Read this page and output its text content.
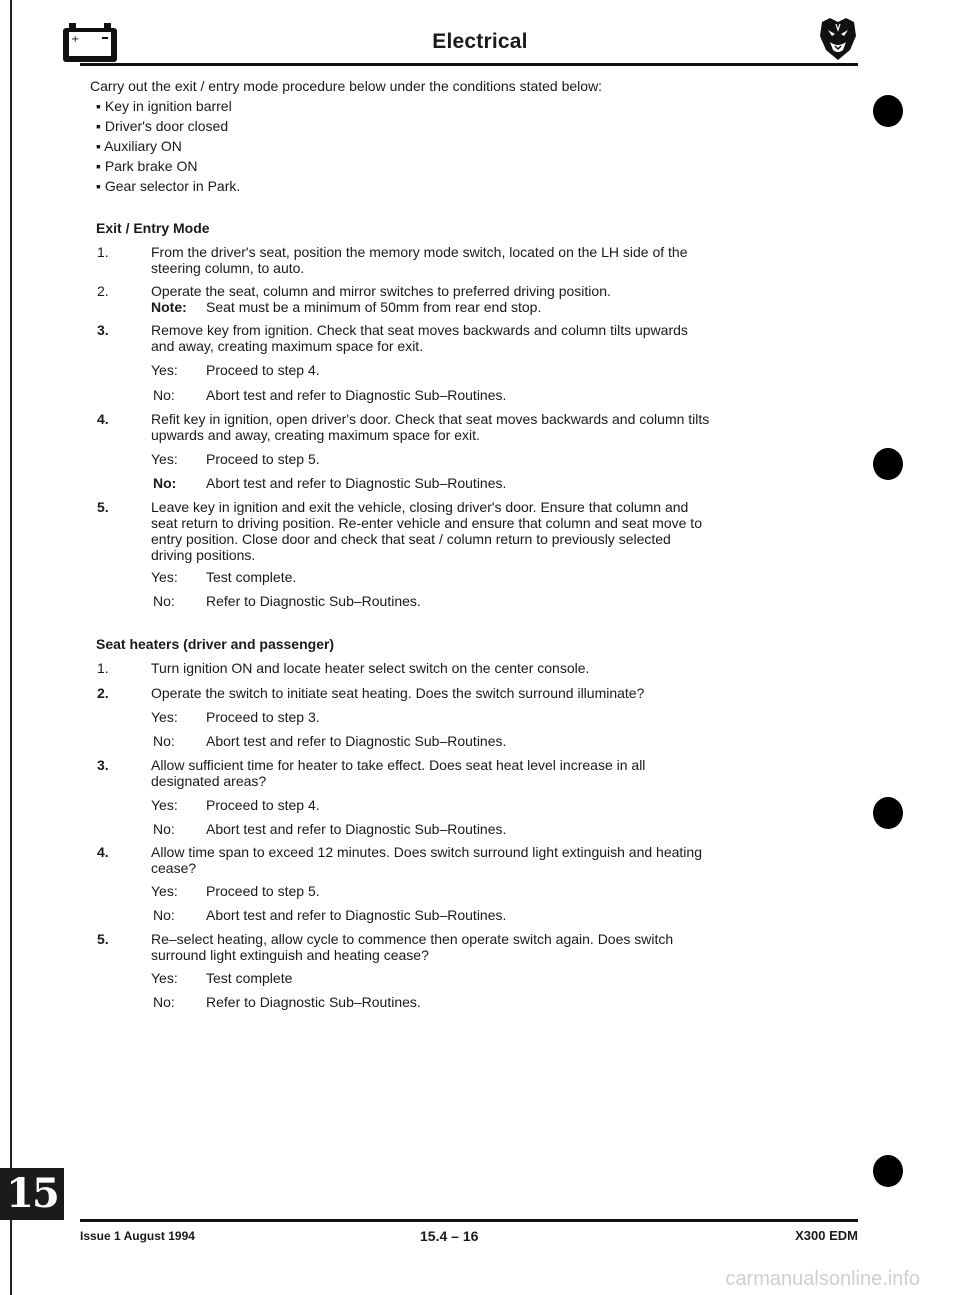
+	Electrical
Carry out the exit / entry mode procedure below under the conditions stated below:
▪ Key in ignition barrel
▪ Driver's door closed
▪ Auxiliary ON
▪ Park brake ON
▪ Gear selector in Park.
Exit / Entry Mode
1.	From the driver's seat, position the memory mode switch, located on the LH side of the
steering column, to auto.
2.	Operate the seat, column and mirror switches to preferred driving position.
Note: Seat must be a minimum of 50mm from rear end stop.
3.	Remove key from ignition. Check that seat moves backwards and column tilts upwards
and away, creating maximum space for exit.
Yes: Proceed to step 4.
No: Abort test and refer to Diagnostic Sub–Routines.
4.	Refit key in ignition, open driver's door. Check that seat moves backwards and column tilts
upwards and away, creating maximum space for exit.
Yes: Proceed to step 5.
No: Abort test and refer to Diagnostic Sub–Routines.
5.	Leave key in ignition and exit the vehicle, closing driver's door. Ensure that column and
seat return to driving position. Re-enter vehicle and ensure that column and seat move to
entry position. Close door and check that seat / column return to previously selected
driving positions.
Yes: Test complete.
No: Refer to Diagnostic Sub–Routines.
Seat heaters (driver and passenger)
1.	Turn ignition ON and locate heater select switch on the center console.
2.	Operate the switch to initiate seat heating. Does the switch surround illuminate?
Yes: Proceed to step 3.
No: Abort test and refer to Diagnostic Sub–Routines.
3.	Allow sufficient time for heater to take effect. Does seat heat level increase in all
designated areas?
Yes: Proceed to step 4.
No: Abort test and refer to Diagnostic Sub–Routines.
4.	Allow time span to exceed 12 minutes. Does switch surround light extinguish and heating
cease?
Yes: Proceed to step 5.
No: Abort test and refer to Diagnostic Sub–Routines.
5.	Re–select heating, allow cycle to commence then operate switch again. Does switch
surround light extinguish and heating cease?
Yes: Test complete
No: Refer to Diagnostic Sub–Routines.
15
Issue 1 August 1994	15.4 – 16	X300 EDM
carmanualsonline.info
